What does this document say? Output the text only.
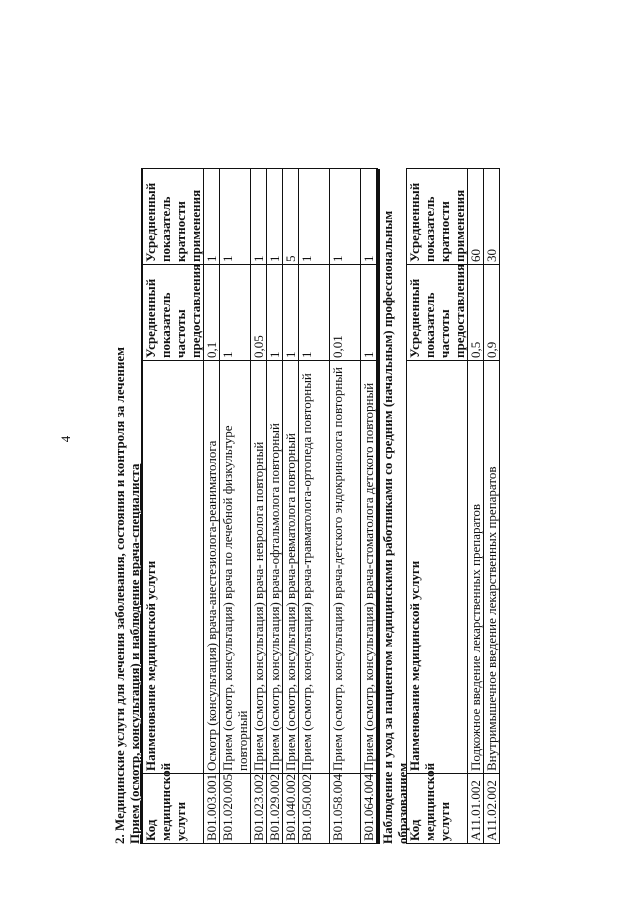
4	2. Медицинские услуги для лечения заболевания, состояния и контроля за лечением Прием (осмотр, консультация) и наблюдение врача-специалиста Код медицинской услуги	Наименование медицинской услуги	Усредненный показатель частоты предоставления	Усредненный показатель кратности применения
B01.003.001	Осмотр (консультация) врача-анестезиолога-реаниматолога	0,1	1
B01.020.005	Прием (осмотр, консультация) врача по лечебной физкультуре повторный	1	1
B01.023.002	Прием (осмотр, консультация) врача- невролога повторный	0,05	1
B01.029.002	Прием (осмотр, консультация) врача-офтальмолога повторный	1	1
B01.040.002	Прием (осмотр, консультация) врача-ревматолога повторный	1	5
B01.050.002	Прием (осмотр, консультация) врача-травматолога-ортопеда повторный	1	1
B01.058.004	Прием (осмотр, консультация) врача-детского эндокринолога повторный	0,01	1
B01.064.004	Прием (осмотр, консультация) врача-стоматолога детского повторный	1	1 Наблюдение и уход за пациентом медицинскими работниками со средним (начальным) профессиональным образованием
Код медицинской услуги	Наименование медицинской услуги	Усредненный показатель частоты предоставления	Усредненный показатель кратности применения
A11.01.002	Подкожное введение лекарственных препаратов	0,5	60
A11.02.002	Внутримышечное введение лекарственных препаратов	0,9	30
